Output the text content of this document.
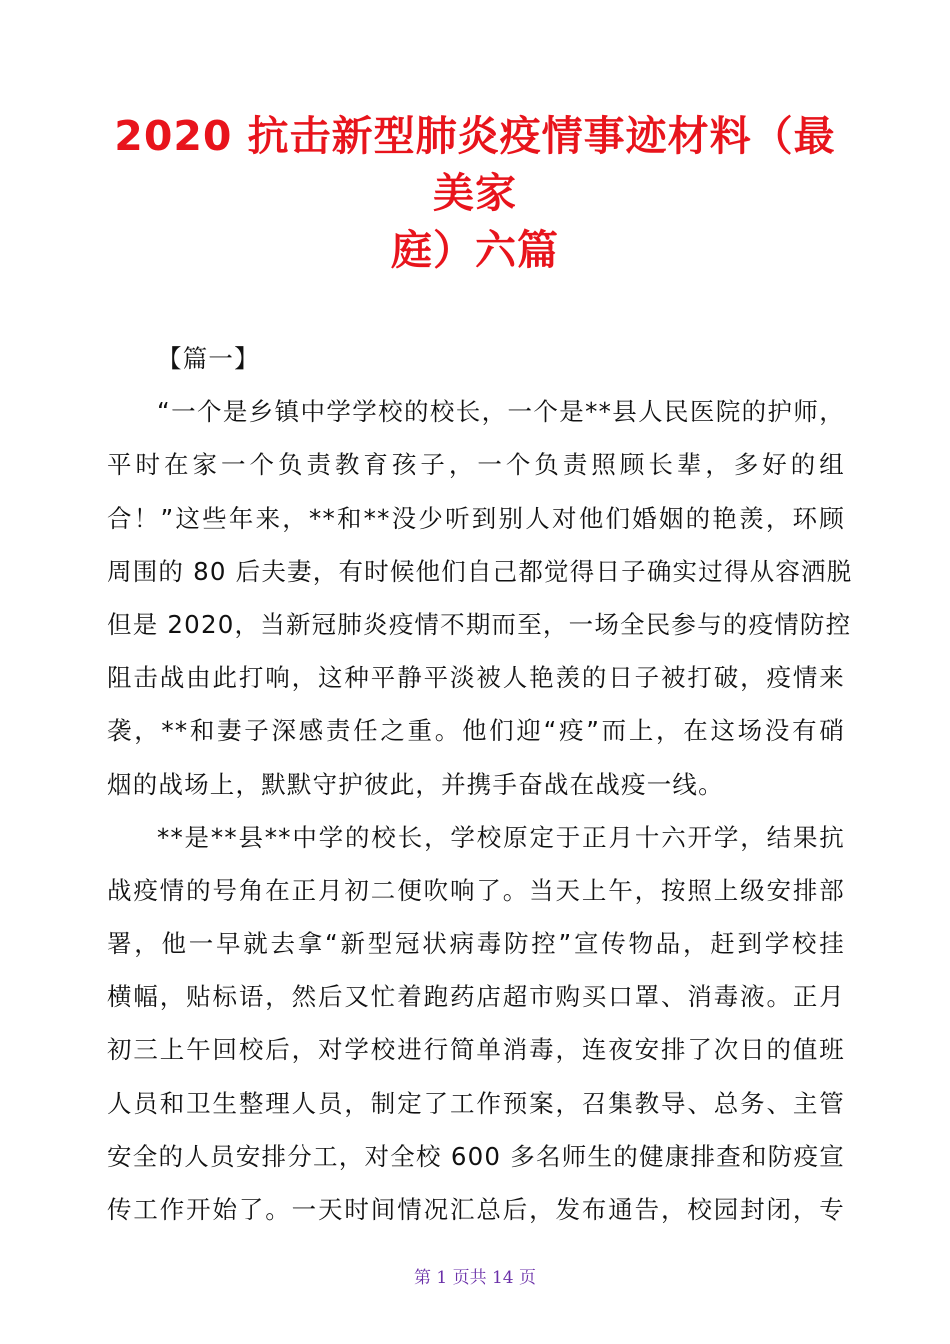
2020 抗击新型肺炎疫情事迹材料（最
美家
庭）六篇
【篇一】
“一个是乡镇中学学校的校长，一个是**县人民医院的护师，
平时在家一个负责教育孩子，一个负责照顾长辈，多好的组
合！”这些年来，**和**没少听到别人对他们婚姻的艳羡，环顾
周围的 80 后夫妻，有时候他们自己都觉得日子确实过得从容洒脱
但是 2020，当新冠肺炎疫情不期而至，一场全民参与的疫情防控
阻击战由此打响，这种平静平淡被人艳羡的日子被打破，疫情来
袭，**和妻子深感责任之重。他们迎“疫”而上，在这场没有硝
烟的战场上，默默守护彼此，并携手奋战在战疫一线。
**是**县**中学的校长，学校原定于正月十六开学，结果抗
战疫情的号角在正月初二便吹响了。当天上午，按照上级安排部
署，他一早就去拿“新型冠状病毒防控”宣传物品，赶到学校挂
横幅，贴标语，然后又忙着跑药店超市购买口罩、消毒液。正月
初三上午回校后，对学校进行简单消毒，连夜安排了次日的值班
人员和卫生整理人员，制定了工作预案，召集教导、总务、主管
安全的人员安排分工，对全校 600 多名师生的健康排查和防疫宣
传工作开始了。一天时间情况汇总后，发布通告，校园封闭，专
第 1 页共 14 页
